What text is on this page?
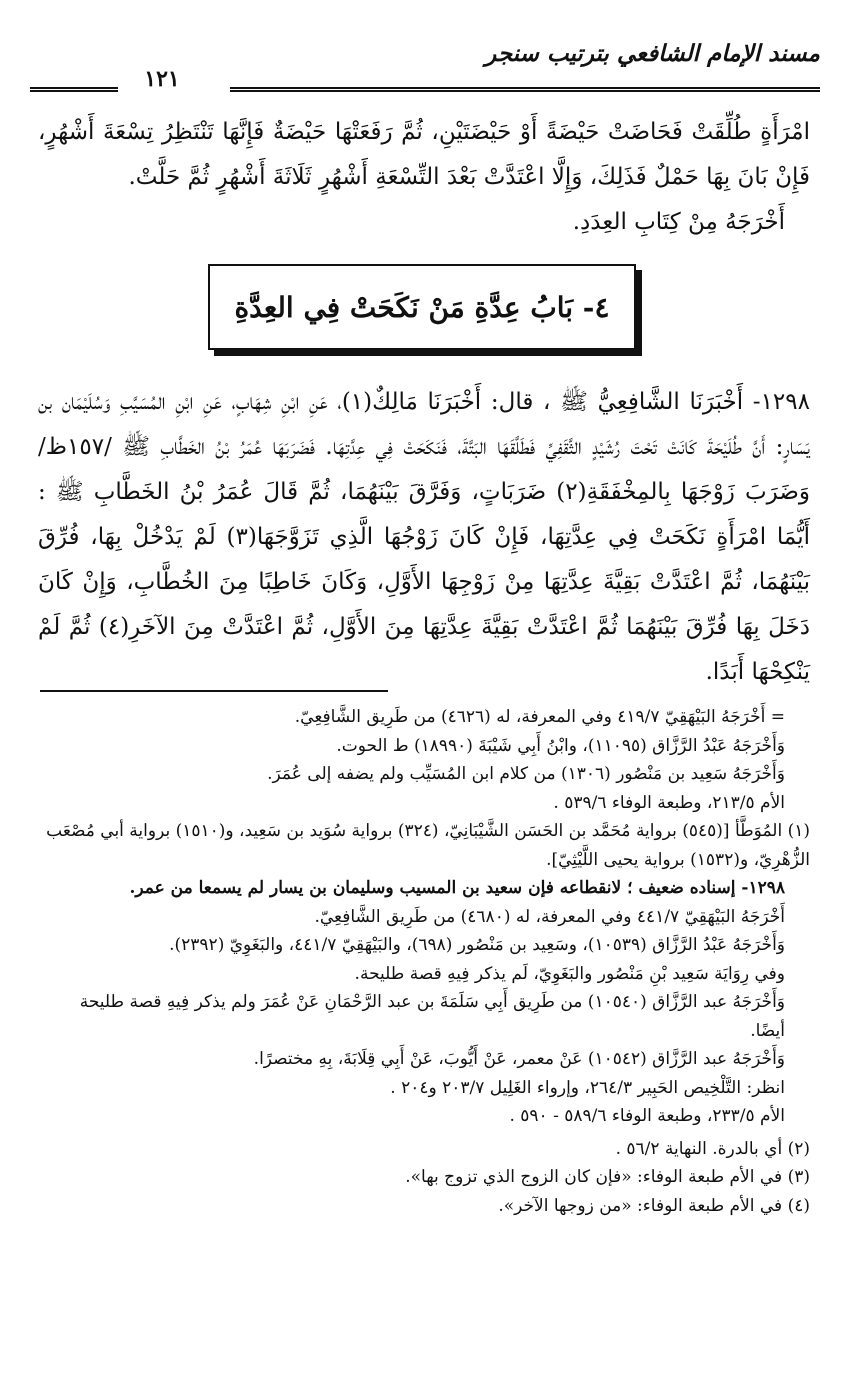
مسند الإمام الشافعي بترتيب سنجر
١٢١

امْرَأَةٍ طُلِّقَتْ فَحَاضَتْ حَيْضَةً أَوْ حَيْضَتَيْنِ، ثُمَّ رَفَعَتْهَا حَيْضَةٌ فَإِنَّهَا تَنْتَظِرُ تِسْعَةَ أَشْهُرٍ، فَإِنْ بَانَ بِهَا حَمْلٌ فَذَلِكَ، وَإِلَّا اعْتَدَّتْ بَعْدَ التِّسْعَةِ أَشْهُرٍ ثَلَاثَةَ أَشْهُرٍ ثُمَّ حَلَّتْ.

أَخْرَجَهُ مِنْ كِتَابِ العِدَدِ.

٤- بَابُ عِدَّةِ مَنْ نَكَحَتْ فِي العِدَّةِ

١٢٩٨- أَخْبَرَنَا الشَّافِعِيُّ ﷺ ، قال: أَخْبَرَنَا مَالِكٌ(١)، عَنِ ابْنِ شِهَابٍ، عَنِ ابْنِ المُسَيَّبِ وَسُلَيْمَان بن يَسَارٍ: أَنَّ طُلَيْحَةَ كَانَتْ تَحْتَ رُشَيْدٍ الثَّقَفِيِّ فَطَلَّقَهَا البَتَّةَ، فَنَكَحَتْ فِي عِدَّتِهَا. فَضَرَبَهَا عُمَرُ بْنُ الخَطَّابِ ﷺ /١٥٧ظ/ وَضَرَبَ زَوْجَهَا بِالمِخْفَقَةِ(٢) ضَرَبَاتٍ، وَفَرَّقَ بَيْنَهُمَا، ثُمَّ قَالَ عُمَرُ بْنُ الخَطَّابِ ﷺ : أَيُّمَا امْرَأَةٍ نَكَحَتْ فِي عِدَّتِهَا، فَإِنْ كَانَ زَوْجُهَا الَّذِي تَزَوَّجَهَا(٣) لَمْ يَدْخُلْ بِهَا، فُرِّقَ بَيْنَهُمَا، ثُمَّ اعْتَدَّتْ بَقِيَّةَ عِدَّتِهَا مِنْ زَوْجِهَا الأَوَّلِ، وَكَانَ خَاطِبًا مِنَ الخُطَّابِ، وَإِنْ كَانَ دَخَلَ بِهَا فُرِّقَ بَيْنَهُمَا ثُمَّ اعْتَدَّتْ بَقِيَّةَ عِدَّتِهَا مِنَ الأَوَّلِ، ثُمَّ اعْتَدَّتْ مِنَ الآخَرِ(٤) ثُمَّ لَمْ يَنْكِحْهَا أَبَدًا.

= أَخْرَجَهُ البَيْهَقِيّ ٤١٩/٧ وفي المعرفة، له (٤٦٢٦) من طَرِيق الشَّافِعِيّ.

وَأَخْرَجَهُ عَبْدُ الرَّزَّاق (١١٠٩٥)، وابْنُ أَبِي شَيْبَةَ (١٨٩٩٠) ط الحوت.

وَأَخْرَجَهُ سَعِيد بن مَنْصُور (١٣٠٦) من كلام ابن المُسَيِّب ولم يضفه إلى عُمَرَ.

الأم ٢١٣/٥، وطبعة الوفاء ٥٣٩/٦ .

(١) المُوَطَّأ [(٥٤٥) برواية مُحَمَّد بن الحَسَن الشَّيْبَانِيّ، (٣٢٤) برواية سُوَيد بن سَعِيد، و(١٥١٠) برواية أبي مُصْعَب الزُّهْرِيّ، و(١٥٣٢) برواية يحيى اللَّيْثِيّ].

١٢٩٨- إسناده ضعيف ؛ لانقطاعه فإن سعيد بن المسيب وسليمان بن يسار لم يسمعا من عمر.

أَخْرَجَهُ البَيْهَقِيّ ٤٤١/٧ وفي المعرفة، له (٤٦٨٠) من طَرِيق الشَّافِعِيّ.

وَأَخْرَجَهُ عَبْدُ الرَّزَّاق (١٠٥٣٩)، وسَعِيد بن مَنْصُور (٦٩٨)، والبَيْهَقِيّ ٤٤١/٧، والبَغَوِيّ (٢٣٩٢).

وفي رِوَايَة سَعِيد بْنِ مَنْصُور والبَغَوِيّ، لَم يذكر فِيهِ قصة طليحة.

وَأَخْرَجَهُ عبد الرَّزَّاق (١٠٥٤٠) من طَرِيق أَبِي سَلَمَةَ بن عبد الرَّحْمَانِ عَنْ عُمَرَ ولم يذكر فِيهِ قصة طليحة أيضًا.

وَأَخْرَجَهُ عبد الرَّزَّاق (١٠٥٤٢) عَنْ معمر، عَنْ أَيُّوبَ، عَنْ أَبِي قِلَابَةَ، بِهِ مختصرًا.

انظر: التَّلْخِيص الحَبِير ٢٦٤/٣، وإرواء الغَلِيل ٢٠٣/٧ و٢٠٤ .

الأم ٢٣٣/٥، وطبعة الوفاء ٥٨٩/٦ - ٥٩٠ .

(٢) أي بالدرة. النهاية ٥٦/٢ .

(٣) في الأم طبعة الوفاء: «فإن كان الزوج الذي تزوج بها».

(٤) في الأم طبعة الوفاء: «من زوجها الآخر».
